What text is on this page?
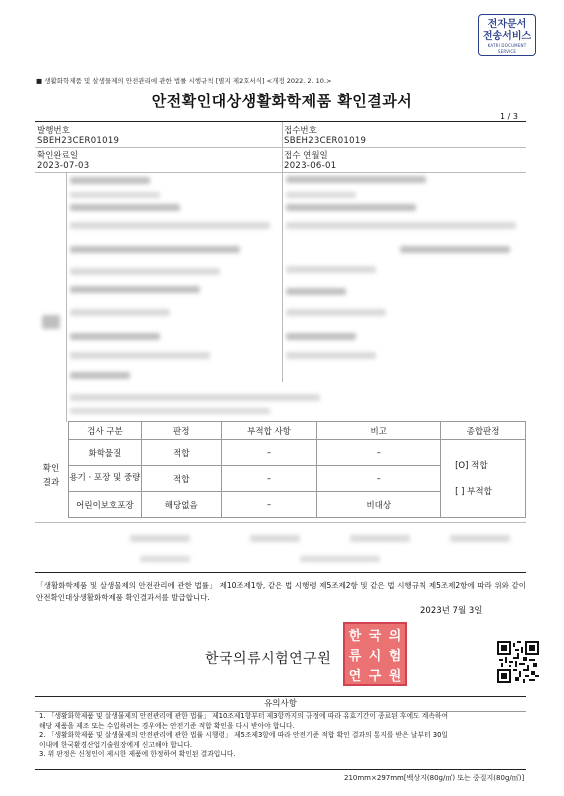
전자문서
전송서비스
KATRI DOCUMENT SERVICE
■ 생활화학제품 및 살생물제의 안전관리에 관한 법률 시행규칙 [별지 제2호서식] <개정 2022. 2. 10.>
안전확인대상생활화학제품 확인결과서
1 / 3
발행번호
SBEH23CER01019
접수번호
SBEH23CER01019
확인완료일
2023-07-03
접수 연월일
2023-06-01
확인
결과
검사 구분	판정	부적합 사항	비고	종합판정
화학물질	적합	–	–	[O] 적합
[ ] 부적합

용기 · 포장 및 중량	적합	–	–	
어린이보호포장	해당없음	–	비대상	
「생활화학제품 및 살생물제의 안전관리에 관한 법률」 제10조제1항, 같은 법 시행령 제5조제2항 및 같은 법 시행규칙 제5조제2항에 따라 위와 같이 안전확인대상생활화학제품 확인결과서를 발급합니다.
2023년 7월 3일
한국의류시험연구원
한 국 의
류 시 험
연 구 원
유의사항
1. 「생활화학제품 및 살생물제의 안전관리에 관한 법률」 제10조제1항부터 제3항까지의 규정에 따라 유효기간이 종료된 후에도 계속하여
해당 제품을 제조 또는 수입하려는 경우에는 안전기준 적합 확인을 다시 받아야 합니다.
2. 「생활화학제품 및 살생물제의 안전관리에 관한 법률 시행령」 제5조제3항에 따라 안전기준 적합 확인 결과의 통지를 받은 날부터 30일
이내에 한국환경산업기술원장에게 신고해야 합니다.
3. 위 판정은 신청인이 제시한 제품에 한정하여 확인된 결과입니다.
210mm×297mm[백상지(80g/㎡) 또는 중질지(80g/㎡)]
